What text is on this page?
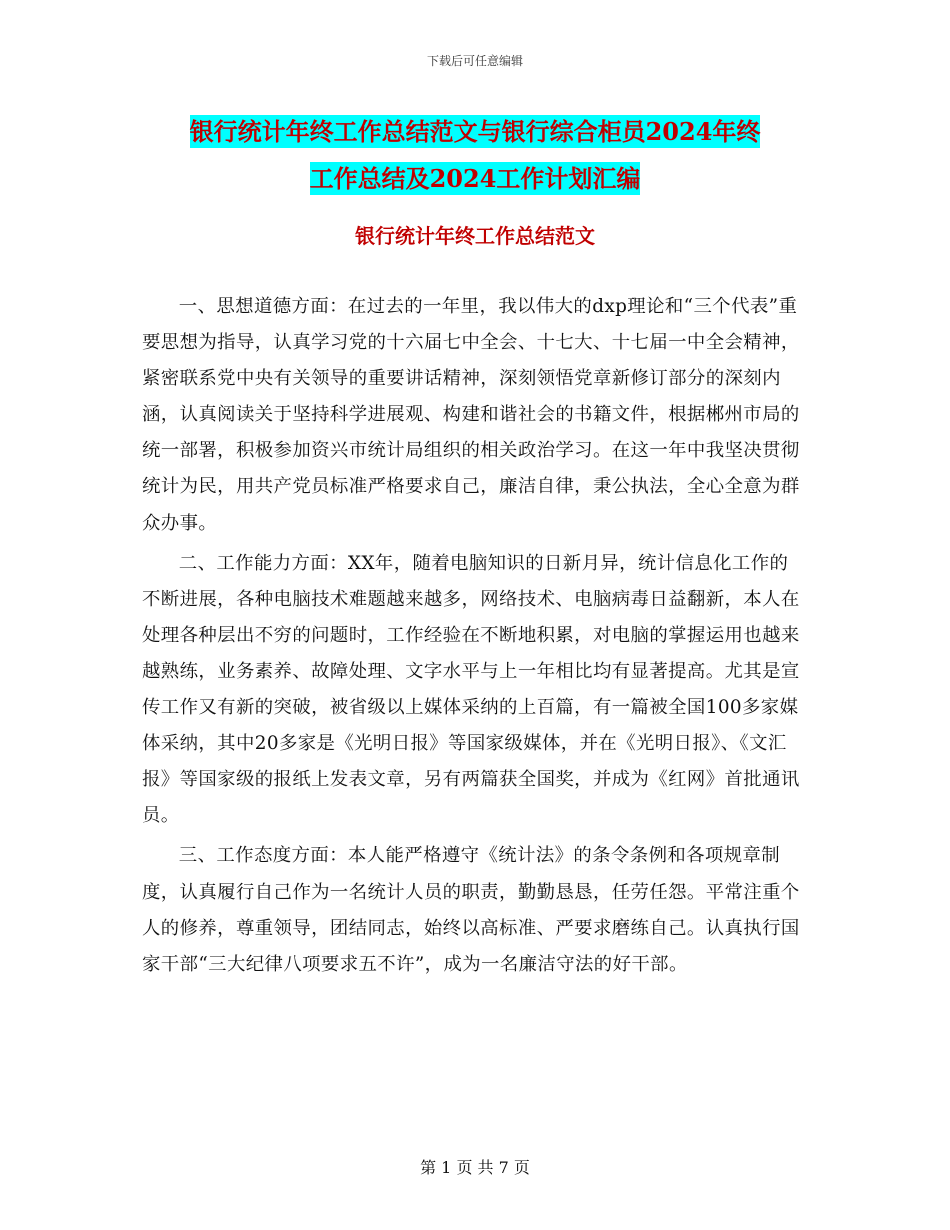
下载后可任意编辑
银行统计年终工作总结范文与银行综合柜员2024年终
工作总结及2024工作计划汇编
银行统计年终工作总结范文

一、思想道德方面：在过去的一年里，我以伟大的dxp理论和“三个代表”重要思想为指导，认真学习党的十六届七中全会、十七大、十七届一中全会精神，紧密联系党中央有关领导的重要讲话精神，深刻领悟党章新修订部分的深刻内涵，认真阅读关于坚持科学进展观、构建和谐社会的书籍文件，根据郴州市局的统一部署，积极参加资兴市统计局组织的相关政治学习。在这一年中我坚决贯彻统计为民，用共产党员标准严格要求自己，廉洁自律，秉公执法，全心全意为群众办事。

二、工作能力方面：XX年，随着电脑知识的日新月异，统计信息化工作的不断进展，各种电脑技术难题越来越多，网络技术、电脑病毒日益翻新，本人在处理各种层出不穷的问题时，工作经验在不断地积累，对电脑的掌握运用也越来越熟练，业务素养、故障处理、文字水平与上一年相比均有显著提高。尤其是宣传工作又有新的突破，被省级以上媒体采纳的上百篇，有一篇被全国100多家媒体采纳，其中20多家是《光明日报》等国家级媒体，并在《光明日报》、《文汇报》等国家级的报纸上发表文章，另有两篇获全国奖，并成为《红网》首批通讯员。

三、工作态度方面：本人能严格遵守《统计法》的条令条例和各项规章制度，认真履行自己作为一名统计人员的职责，勤勤恳恳，任劳任怨。平常注重个人的修养，尊重领导，团结同志，始终以高标准、严要求磨练自己。认真执行国家干部“三大纪律八项要求五不许”，成为一名廉洁守法的好干部。

第 1 页 共 7 页
